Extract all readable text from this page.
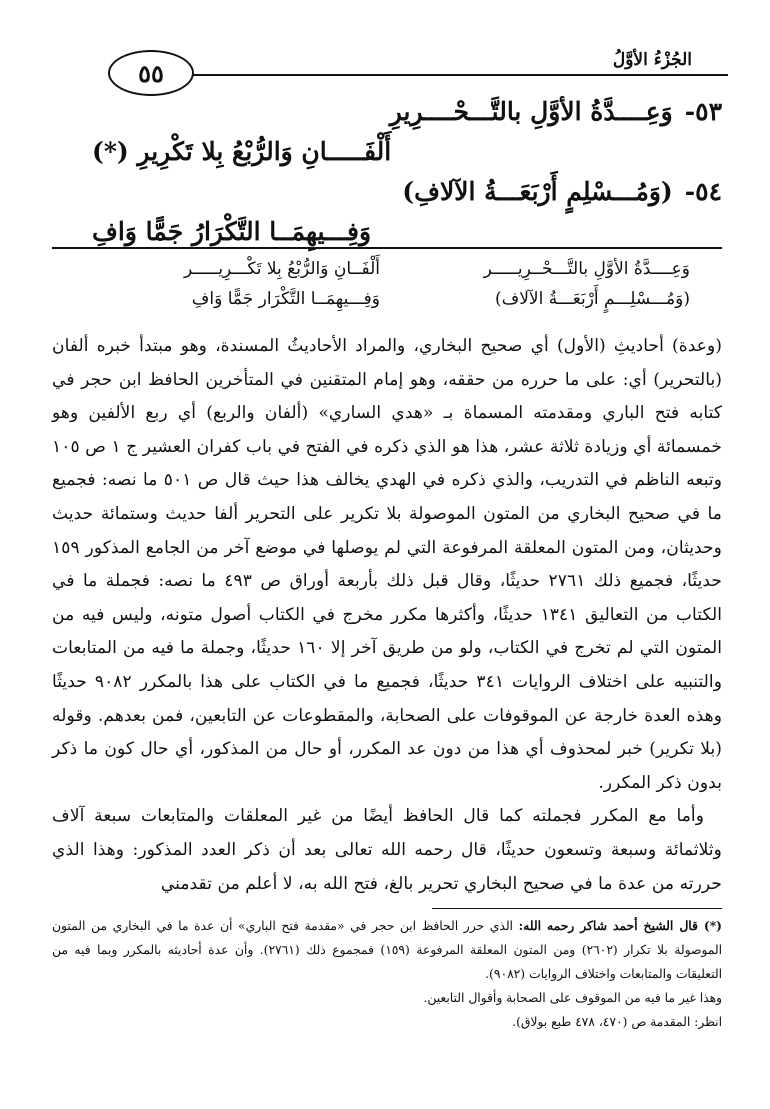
الجُزْءُ الأوَّلُ
٥٥
٥٣-وَعِــــدَّةُ الأوَّلِ بالتَّـــحْــــرِيرِ
أَلْفَـــــانِ وَالرُّبْعُ بِلا تَكْرِيرِ (*)
٥٤-(وَمُـــسْلِمٍ أَرْبَعَـــةُ الآلافِ)
وَفِـــيهِمَــا التَّكْرَارُ جَمًّا وَافِ
وَعِــــدَّةُ الأوَّلِ بالتَّـــحْــرِيـــــر
أَلْفَــانِ وَالرُّبْعُ بِلا تَكْـــرِيـــــر
(وَمُـــسْلِـــمٍ أَرْبَعَـــةُ الآلاف)
وَفِـــيهِمَــا التَّكْرَار جَمًّا وَافِ

(وعدة) أحاديثِ (الأول) أي صحيح البخاري، والمراد الأحاديثُ المسندة، وهو مبتدأ خبره ألفان (بالتحرير) أي: على ما حرره من حققه، وهو إمام المتقنين في المتأخرين الحافظ ابن حجر في كتابه فتح الباري ومقدمته المسماة بـ «هدي الساري» (ألفان والربع) أي ربع الألفين وهو خمسمائة أي وزيادة ثلاثة عشر، هذا هو الذي ذكره في الفتح في باب كفران العشير ج ١ ص ١٠٥ وتبعه الناظم في التدريب، والذي ذكره في الهدي يخالف هذا حيث قال ص ٥٠١ ما نصه: فجميع ما في صحيح البخاري من المتون الموصولة بلا تكرير على التحرير ألفا حديث وستمائة حديث وحديثان، ومن المتون المعلقة المرفوعة التي لم يوصلها في موضع آخر من الجامع المذكور ١٥٩ حديثًا، فجميع ذلك ٢٧٦١ حديثًا، وقال قبل ذلك بأربعة أوراق ص ٤٩٣ ما نصه: فجملة ما في الكتاب من التعاليق ١٣٤١ حديثًا، وأكثرها مكرر مخرج في الكتاب أصول متونه، وليس فيه من المتون التي لم تخرج في الكتاب، ولو من طريق آخر إلا ١٦٠ حديثًا، وجملة ما فيه من المتابعات والتنبيه على اختلاف الروايات ٣٤١ حديثًا، فجميع ما في الكتاب على هذا بالمكرر ٩٠٨٢ حديثًا وهذه العدة خارجة عن الموقوفات على الصحابة، والمقطوعات عن التابعين، فمن بعدهم. وقوله (بلا تكرير) خبر لمحذوف أي هذا من دون عد المكرر، أو حال من المذكور، أي حال كون ما ذكر بدون ذكر المكرر.

وأما مع المكرر فجملته كما قال الحافظ أيضًا من غير المعلقات والمتابعات سبعة آلاف وثلاثمائة وسبعة وتسعون حديثًا، قال رحمه الله تعالى بعد أن ذكر العدد المذكور: وهذا الذي حررته من عدة ما في صحيح البخاري تحرير بالغ، فتح الله به، لا أعلم من تقدمني

(*) قال الشيخ أحمد شاكر رحمه الله: الذي حرر الحافظ ابن حجر في «مقدمة فتح الباري» أن عدة ما في البخاري من المتون الموصولة بلا تكرار (٢٦٠٢) ومن المتون المعلقة المرفوعة (١٥٩) فمجموع ذلك (٢٧٦١). وأن عدة أحاديثه بالمكرر وبما فيه من التعليقات والمتابعات واختلاف الروايات (٩٠٨٢).

وهذا غير ما فيه من الموقوف على الصحابة وأقوال التابعين.

انظر: المقدمة ص (٤٧٠، ٤٧٨ طبع بولاق).
